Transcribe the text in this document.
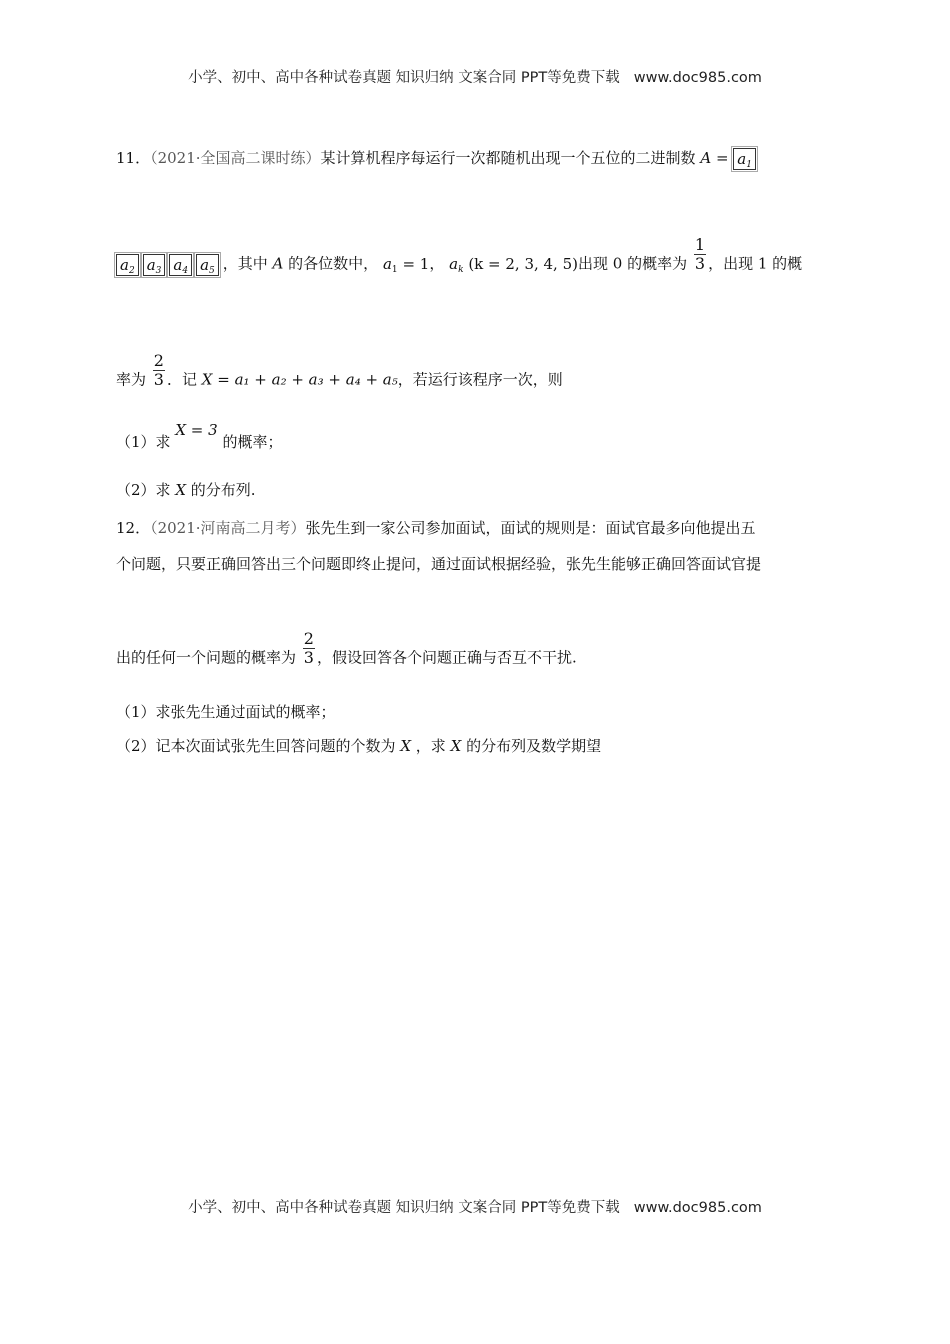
小学、初中、高中各种试卷真题 知识归纳 文案合同 PPT等免费下载 www.doc985.com
11．（2021·全国高二课时练）某计算机程序每运行一次都随机出现一个五位的二进制数 $A = a_1$
$a_2$ $a_3$ $a_4$ $a_5$ ，其中 A 的各位数中， $a_1 = 1$， $a_k$ (k = 2, 3, 4, 5)出现 0 的概率为 $\frac{1}{3}$ ，出现 1 的概
率为 $\frac{2}{3}$ ．记 X = a₁ + a₂ + a₃ + a₄ + a₅，若运行该程序一次，则
（1）求 X = 3 的概率；
（2）求 X 的分布列.
12．（2021·河南高二月考）张先生到一家公司参加面试，面试的规则是：面试官最多向他提出五
个问题，只要正确回答出三个问题即终止提问，通过面试根据经验，张先生能够正确回答面试官提
出的任何一个问题的概率为 $\frac{2}{3}$ ，假设回答各个问题正确与否互不干扰.
（1）求张先生通过面试的概率；
（2）记本次面试张先生回答问题的个数为 X ，求 X 的分布列及数学期望
小学、初中、高中各种试卷真题 知识归纳 文案合同 PPT等免费下载 www.doc985.com
